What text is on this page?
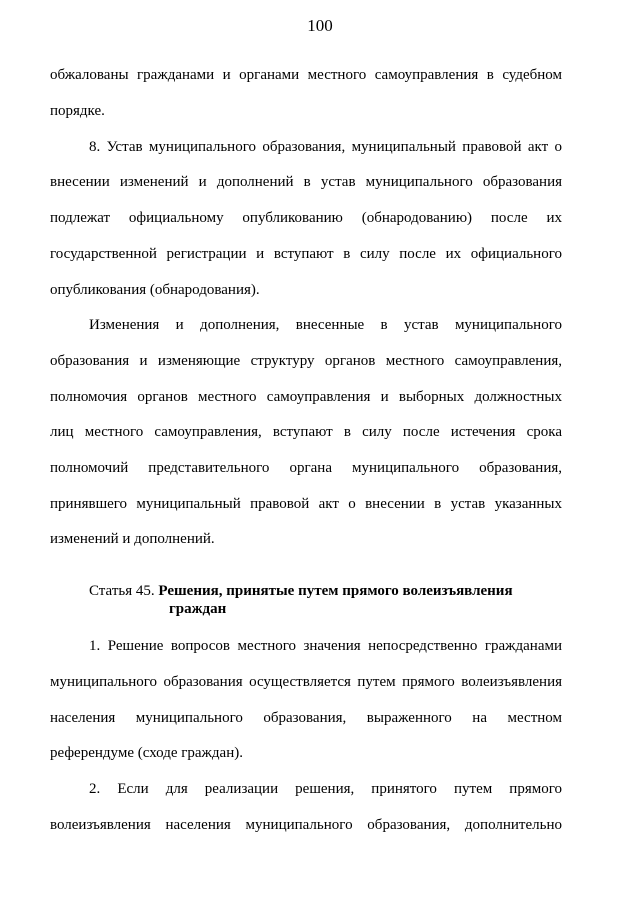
100
обжалованы гражданами и органами местного самоуправления в судебном
порядке.
8. Устав муниципального образования, муниципальный правовой акт о
внесении изменений и дополнений в устав муниципального образования
подлежат официальному опубликованию (обнародованию) после их
государственной регистрации и вступают в силу после их официального
опубликования (обнародования).
Изменения и дополнения, внесенные в устав муниципального
образования и изменяющие структуру органов местного самоуправления,
полномочия органов местного самоуправления и выборных должностных
лиц местного самоуправления, вступают в силу после истечения срока
полномочий представительного органа муниципального образования,
принявшего муниципальный правовой акт о внесении в устав указанных
изменений и дополнений.
Статья 45. Решения, принятые путем прямого волеизъявления
граждан
1. Решение вопросов местного значения непосредственно гражданами
муниципального образования осуществляется путем прямого волеизъявления
населения муниципального образования, выраженного на местном
референдуме (сходе граждан).
2. Если для реализации решения, принятого путем прямого
волеизъявления населения муниципального образования, дополнительно
